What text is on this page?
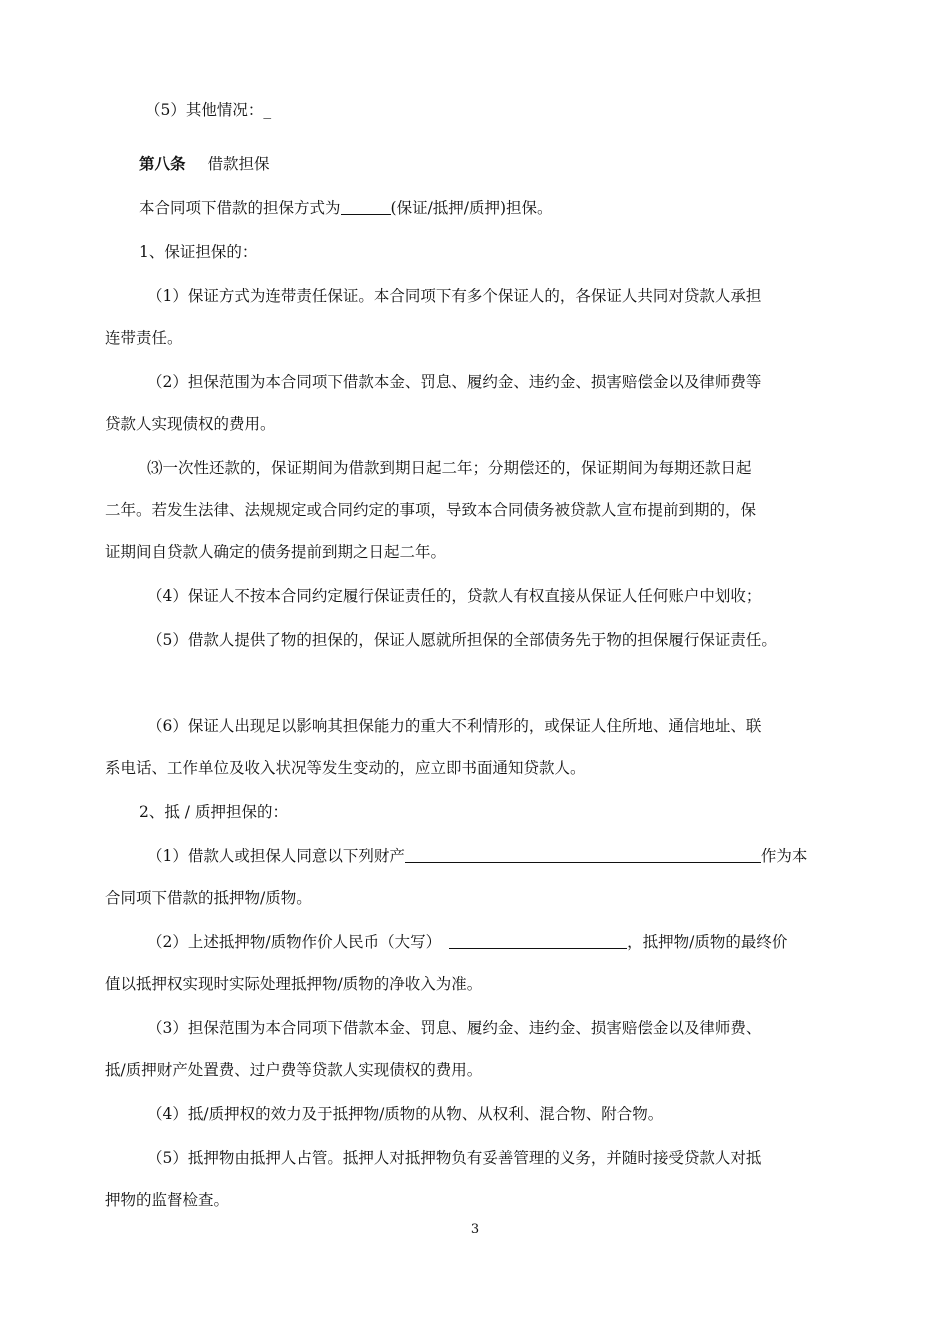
（5）其他情况：_
第八条 借款担保
本合同项下借款的担保方式为	(保证/抵押/质押)担保。
1、保证担保的：
（1）保证方式为连带责任保证。本合同项下有多个保证人的，各保证人共同对贷款人承担
连带责任。
（2）担保范围为本合同项下借款本金、罚息、履约金、违约金、损害赔偿金以及律师费等
贷款人实现债权的费用。
⑶一次性还款的，保证期间为借款到期日起二年；分期偿还的，保证期间为每期还款日起
二年。若发生法律、法规规定或合同约定的事项，导致本合同债务被贷款人宣布提前到期的，保
证期间自贷款人确定的债务提前到期之日起二年。
（4）保证人不按本合同约定履行保证责任的，贷款人有权直接从保证人任何账户中划收；
（5）借款人提供了物的担保的，保证人愿就所担保的全部债务先于物的担保履行保证责任。
（6）保证人出现足以影响其担保能力的重大不利情形的，或保证人住所地、通信地址、联
系电话、工作单位及收入状况等发生变动的，应立即书面通知贷款人。
2、抵 / 质押担保的：
（1）借款人或担保人同意以下列财产	作为本
合同项下借款的抵押物/质物。
（2）上述抵押物/质物作价人民币（大写）	，抵押物/质物的最终价
值以抵押权实现时实际处理抵押物/质物的净收入为准。
（3）担保范围为本合同项下借款本金、罚息、履约金、违约金、损害赔偿金以及律师费、
抵/质押财产处置费、过户费等贷款人实现债权的费用。
（4）抵/质押权的效力及于抵押物/质物的从物、从权利、混合物、附合物。
（5）抵押物由抵押人占管。抵押人对抵押物负有妥善管理的义务，并随时接受贷款人对抵
押物的监督检查。
3
